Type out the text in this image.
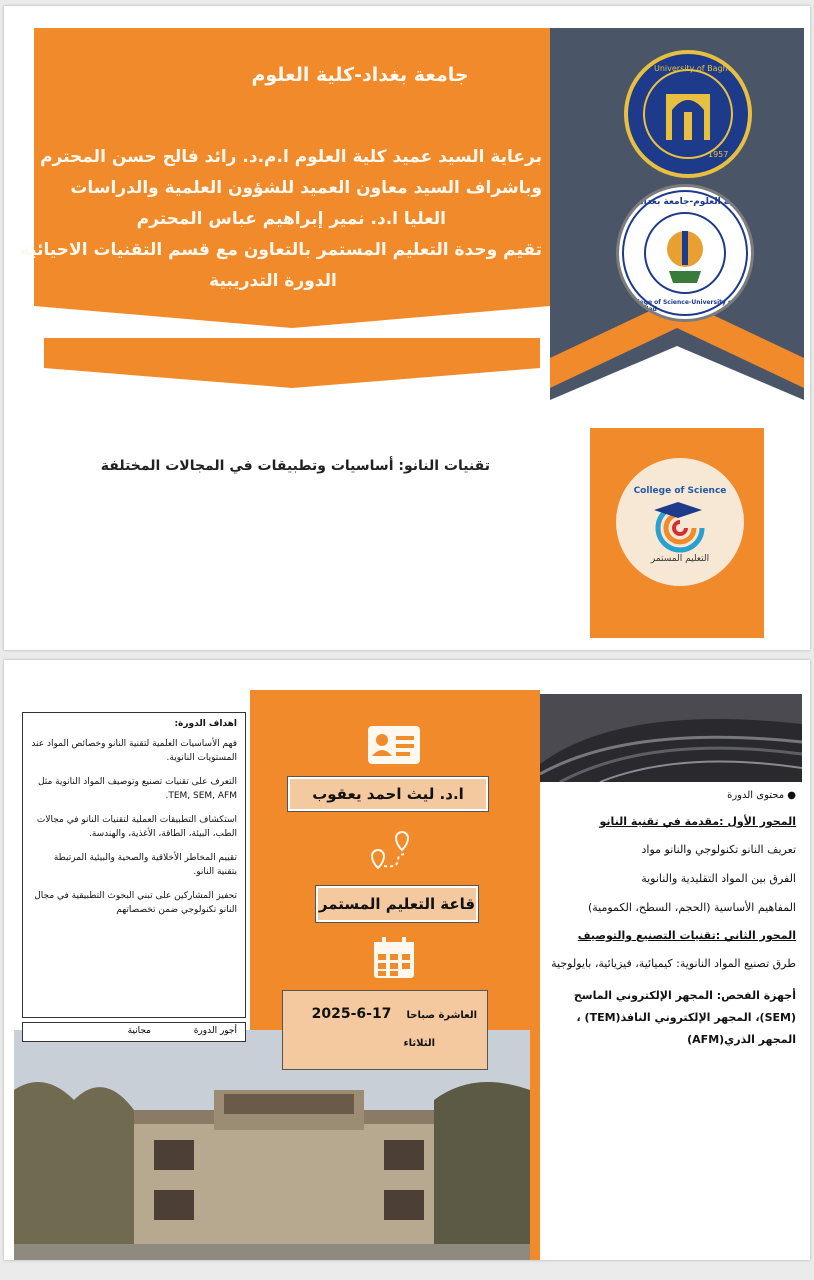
جامعة بغداد-كلية العلوم
برعاية السيد عميد كلية العلوم ا.م.د. رائد فالح حسن المحترم
وباشراف السيد معاون العميد للشؤون العلمية والدراسات
العليا ا.د. نمير إبراهيم عباس المحترم
تقيم وحدة التعليم المستمر بالتعاون مع قسم التقنيات الاحيائية
الدورة التدريبية
تقنيات النانو: أساسيات وتطبيقات في المجالات المختلفة
University of Baghdad
1957
كلية العلوم-جامعة بغداد
College of Science-University of Baghdad
College of Science
التعليم المستمر
اهداف الدورة:
فهم الأساسيات العلمية لتقنية النانو وخصائص المواد عند المستويات النانوية.
التعرف على تقنيات تصنيع وتوصيف المواد النانوية مثل TEM, SEM, AFM.
استكشاف التطبيقات العملية لتقنيات النانو في مجالات الطب، البيئة، الطاقة، الأغذية، والهندسة.
تقييم المخاطر الأخلاقية والصحية والبيئية المرتبطة بتقنية النانو.
تحفيز المشاركين على تبني البحوث التطبيقية في مجال النانو تكنولوجي ضمن تخصصاتهم
أجور الدورة
مجانية
ا.د. ليث احمد يعقوب
قاعة التعليم المستمر
العاشرة صباحا 17-6-2025
الثلاثاء
● محتوى الدورة
المحور الأول :مقدمة في تقنية النانو
تعريف النانو تكنولوجي والنانو مواد
الفرق بين المواد التقليدية والنانوية
المفاهيم الأساسية (الحجم، السطح، الكمومية)
المحور الثاني :تقنيات التصنيع والتوصيف
طرق تصنيع المواد النانوية: كيميائية، فيزيائية، بايولوجية
أجهزة الفحص: المجهر الإلكتروني الماسح
(SEM)، المجهر الإلكتروني النافذ(TEM) ،
المجهر الذري(AFM)
